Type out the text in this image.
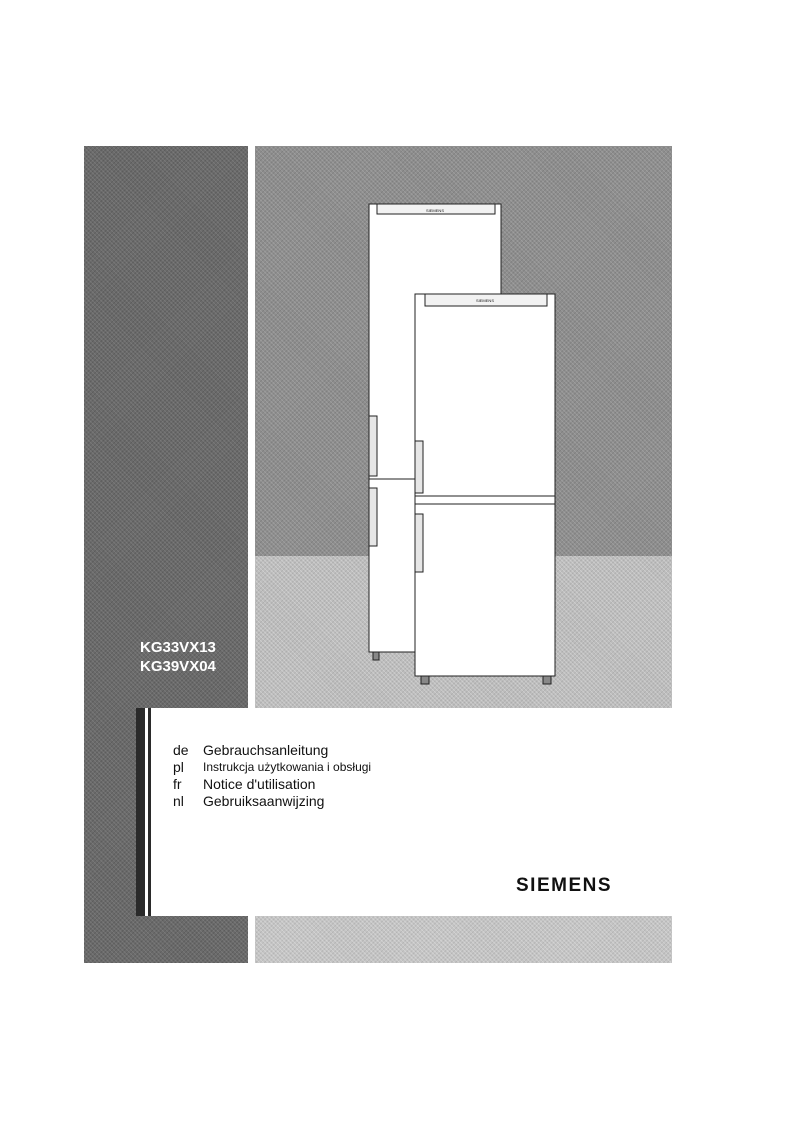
SIEMENS
SIEMENS
KG33VX13
KG39VX04
de	Gebrauchsanleitung
pl	Instrukcja użytkowania i obsługi
fr	Notice d'utilisation
nl	Gebruiksaanwijzing
SIEMENS
